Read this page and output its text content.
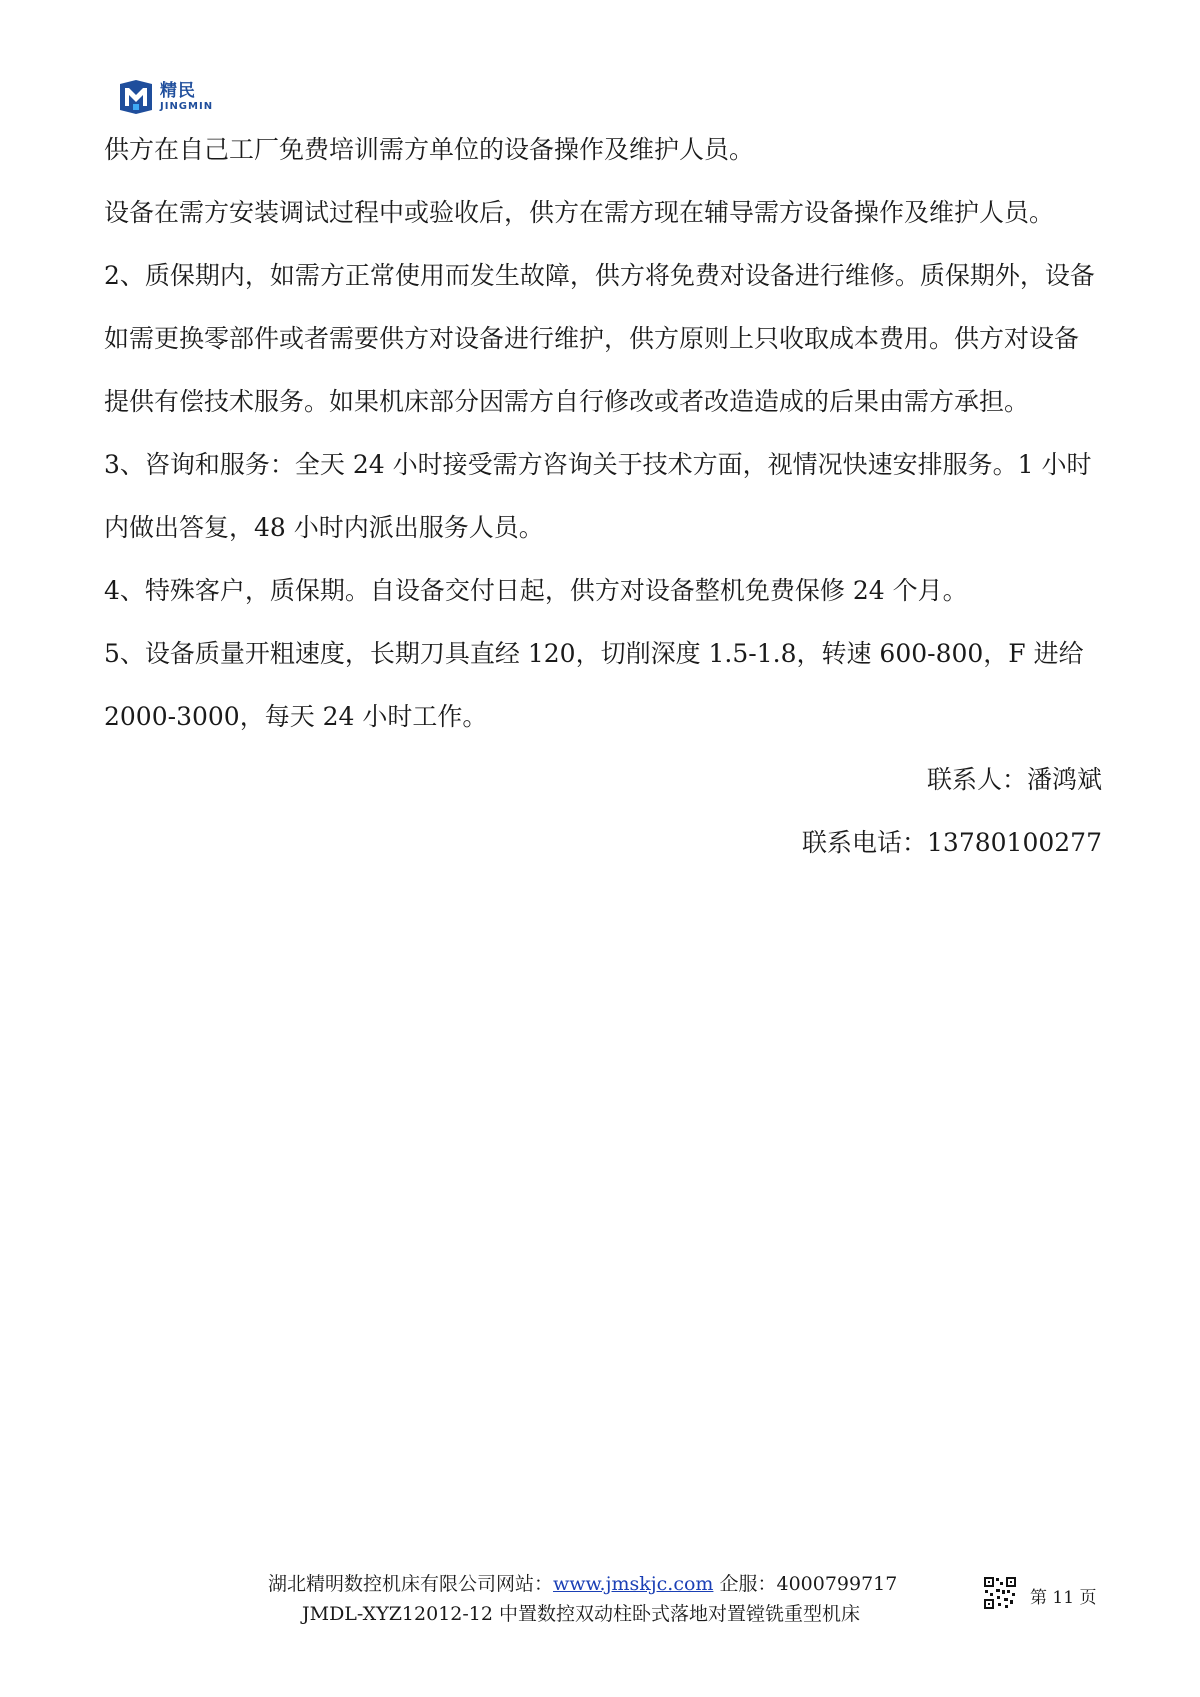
精民
JINGMIN

供方在自己工厂免费培训需方单位的设备操作及维护人员。

设备在需方安装调试过程中或验收后，供方在需方现在辅导需方设备操作及维护人员。

2、质保期内，如需方正常使用而发生故障，供方将免费对设备进行维修。质保期外，设备如需更换零部件或者需要供方对设备进行维护，供方原则上只收取成本费用。供方对设备提供有偿技术服务。如果机床部分因需方自行修改或者改造造成的后果由需方承担。

3、咨询和服务：全天 24 小时接受需方咨询关于技术方面，视情况快速安排服务。1 小时内做出答复，48 小时内派出服务人员。

4、特殊客户，质保期。自设备交付日起，供方对设备整机免费保修 24 个月。

5、设备质量开粗速度，长期刀具直经 120，切削深度 1.5-1.8，转速 600-800，F 进给 2000-3000，每天 24 小时工作。

联系人：潘鸿斌

联系电话：13780100277

湖北精明数控机床有限公司网站：www.jmskjc.com 企服：4000799717
JMDL-XYZ12012-12 中置数控双动柱卧式落地对置镗铣重型机床
第 11 页
